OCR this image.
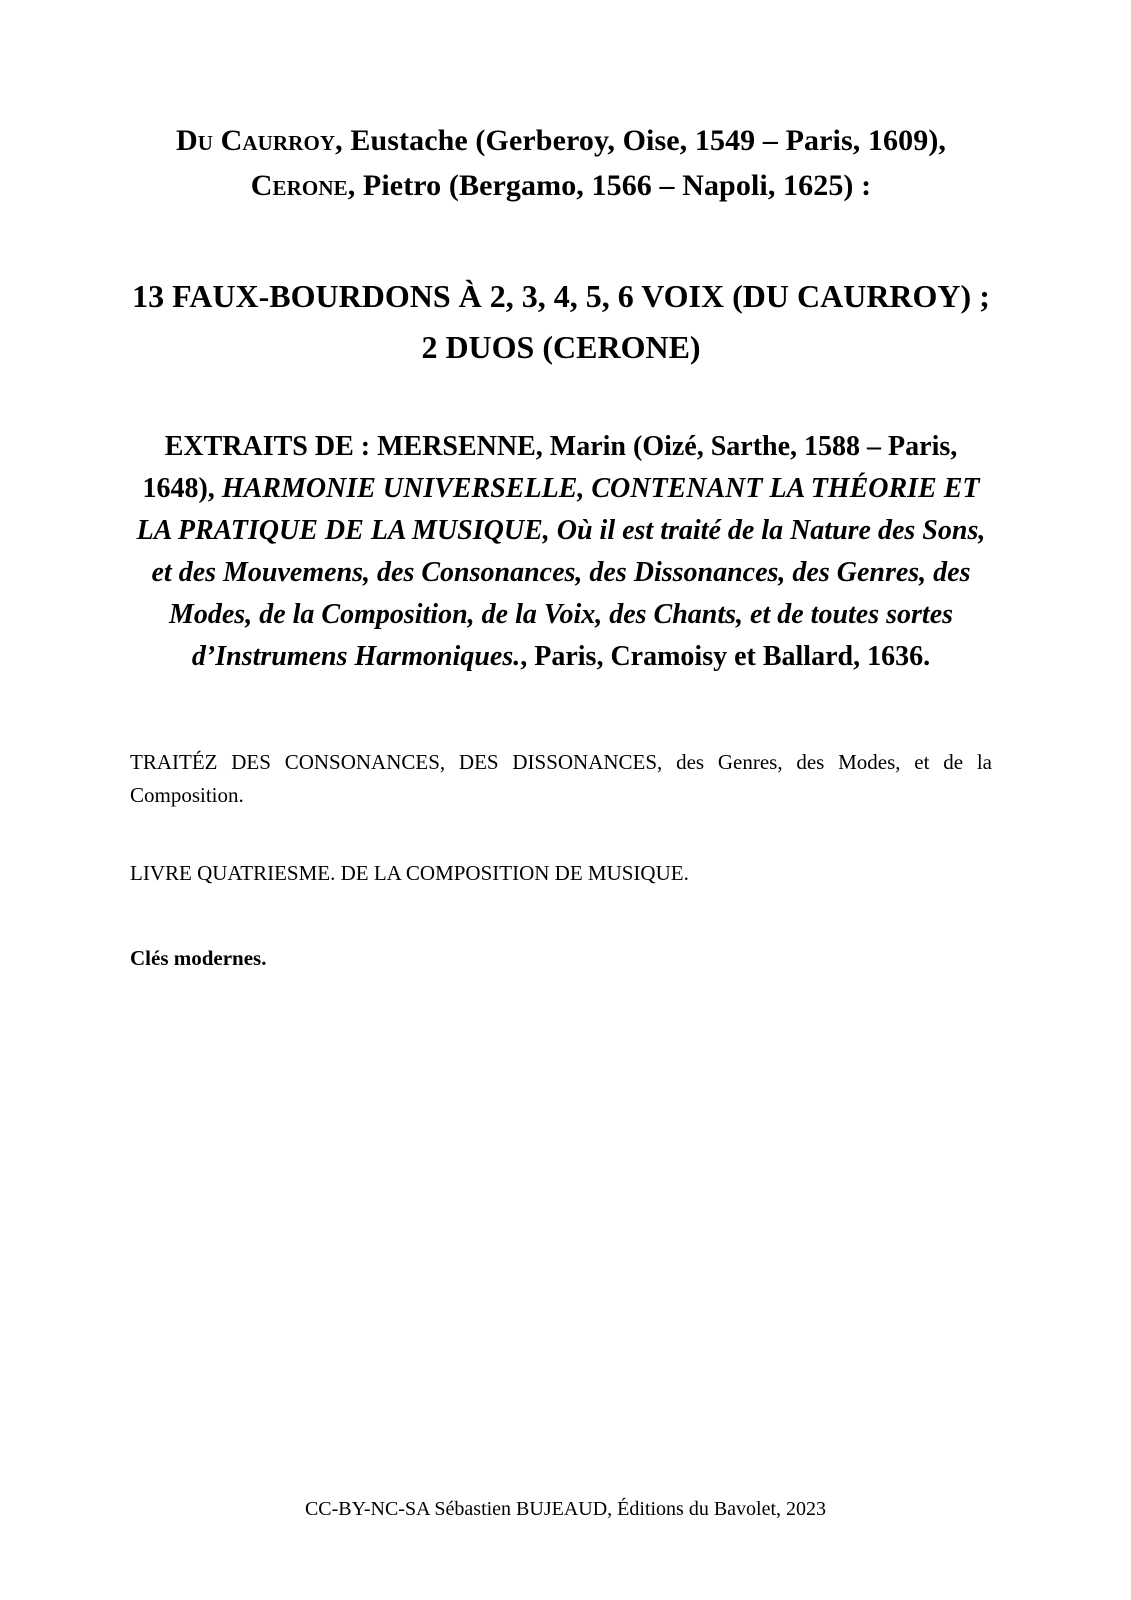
Du Caurroy, Eustache (Gerberoy, Oise, 1549 – Paris, 1609), Cerone, Pietro (Bergamo, 1566 – Napoli, 1625) :
13 FAUX-BOURDONS À 2, 3, 4, 5, 6 VOIX (DU CAURROY) ; 2 DUOS (CERONE)
EXTRAITS DE : MERSENNE, Marin (Oizé, Sarthe, 1588 – Paris, 1648), HARMONIE UNIVERSELLE, CONTENANT LA THÉORIE ET LA PRATIQUE DE LA MUSIQUE, Où il est traité de la Nature des Sons, et des Mouvemens, des Consonances, des Dissonances, des Genres, des Modes, de la Composition, de la Voix, des Chants, et de toutes sortes d’Instrumens Harmoniques., Paris, Cramoisy et Ballard, 1636.

TRAITÉZ DES CONSONANCES, DES DISSONANCES, des Genres, des Modes, et de la Composition.

LIVRE QUATRIESME. DE LA COMPOSITION DE MUSIQUE.

Clés modernes.

CC-BY-NC-SA Sébastien BUJEAUD, Éditions du Bavolet, 2023
